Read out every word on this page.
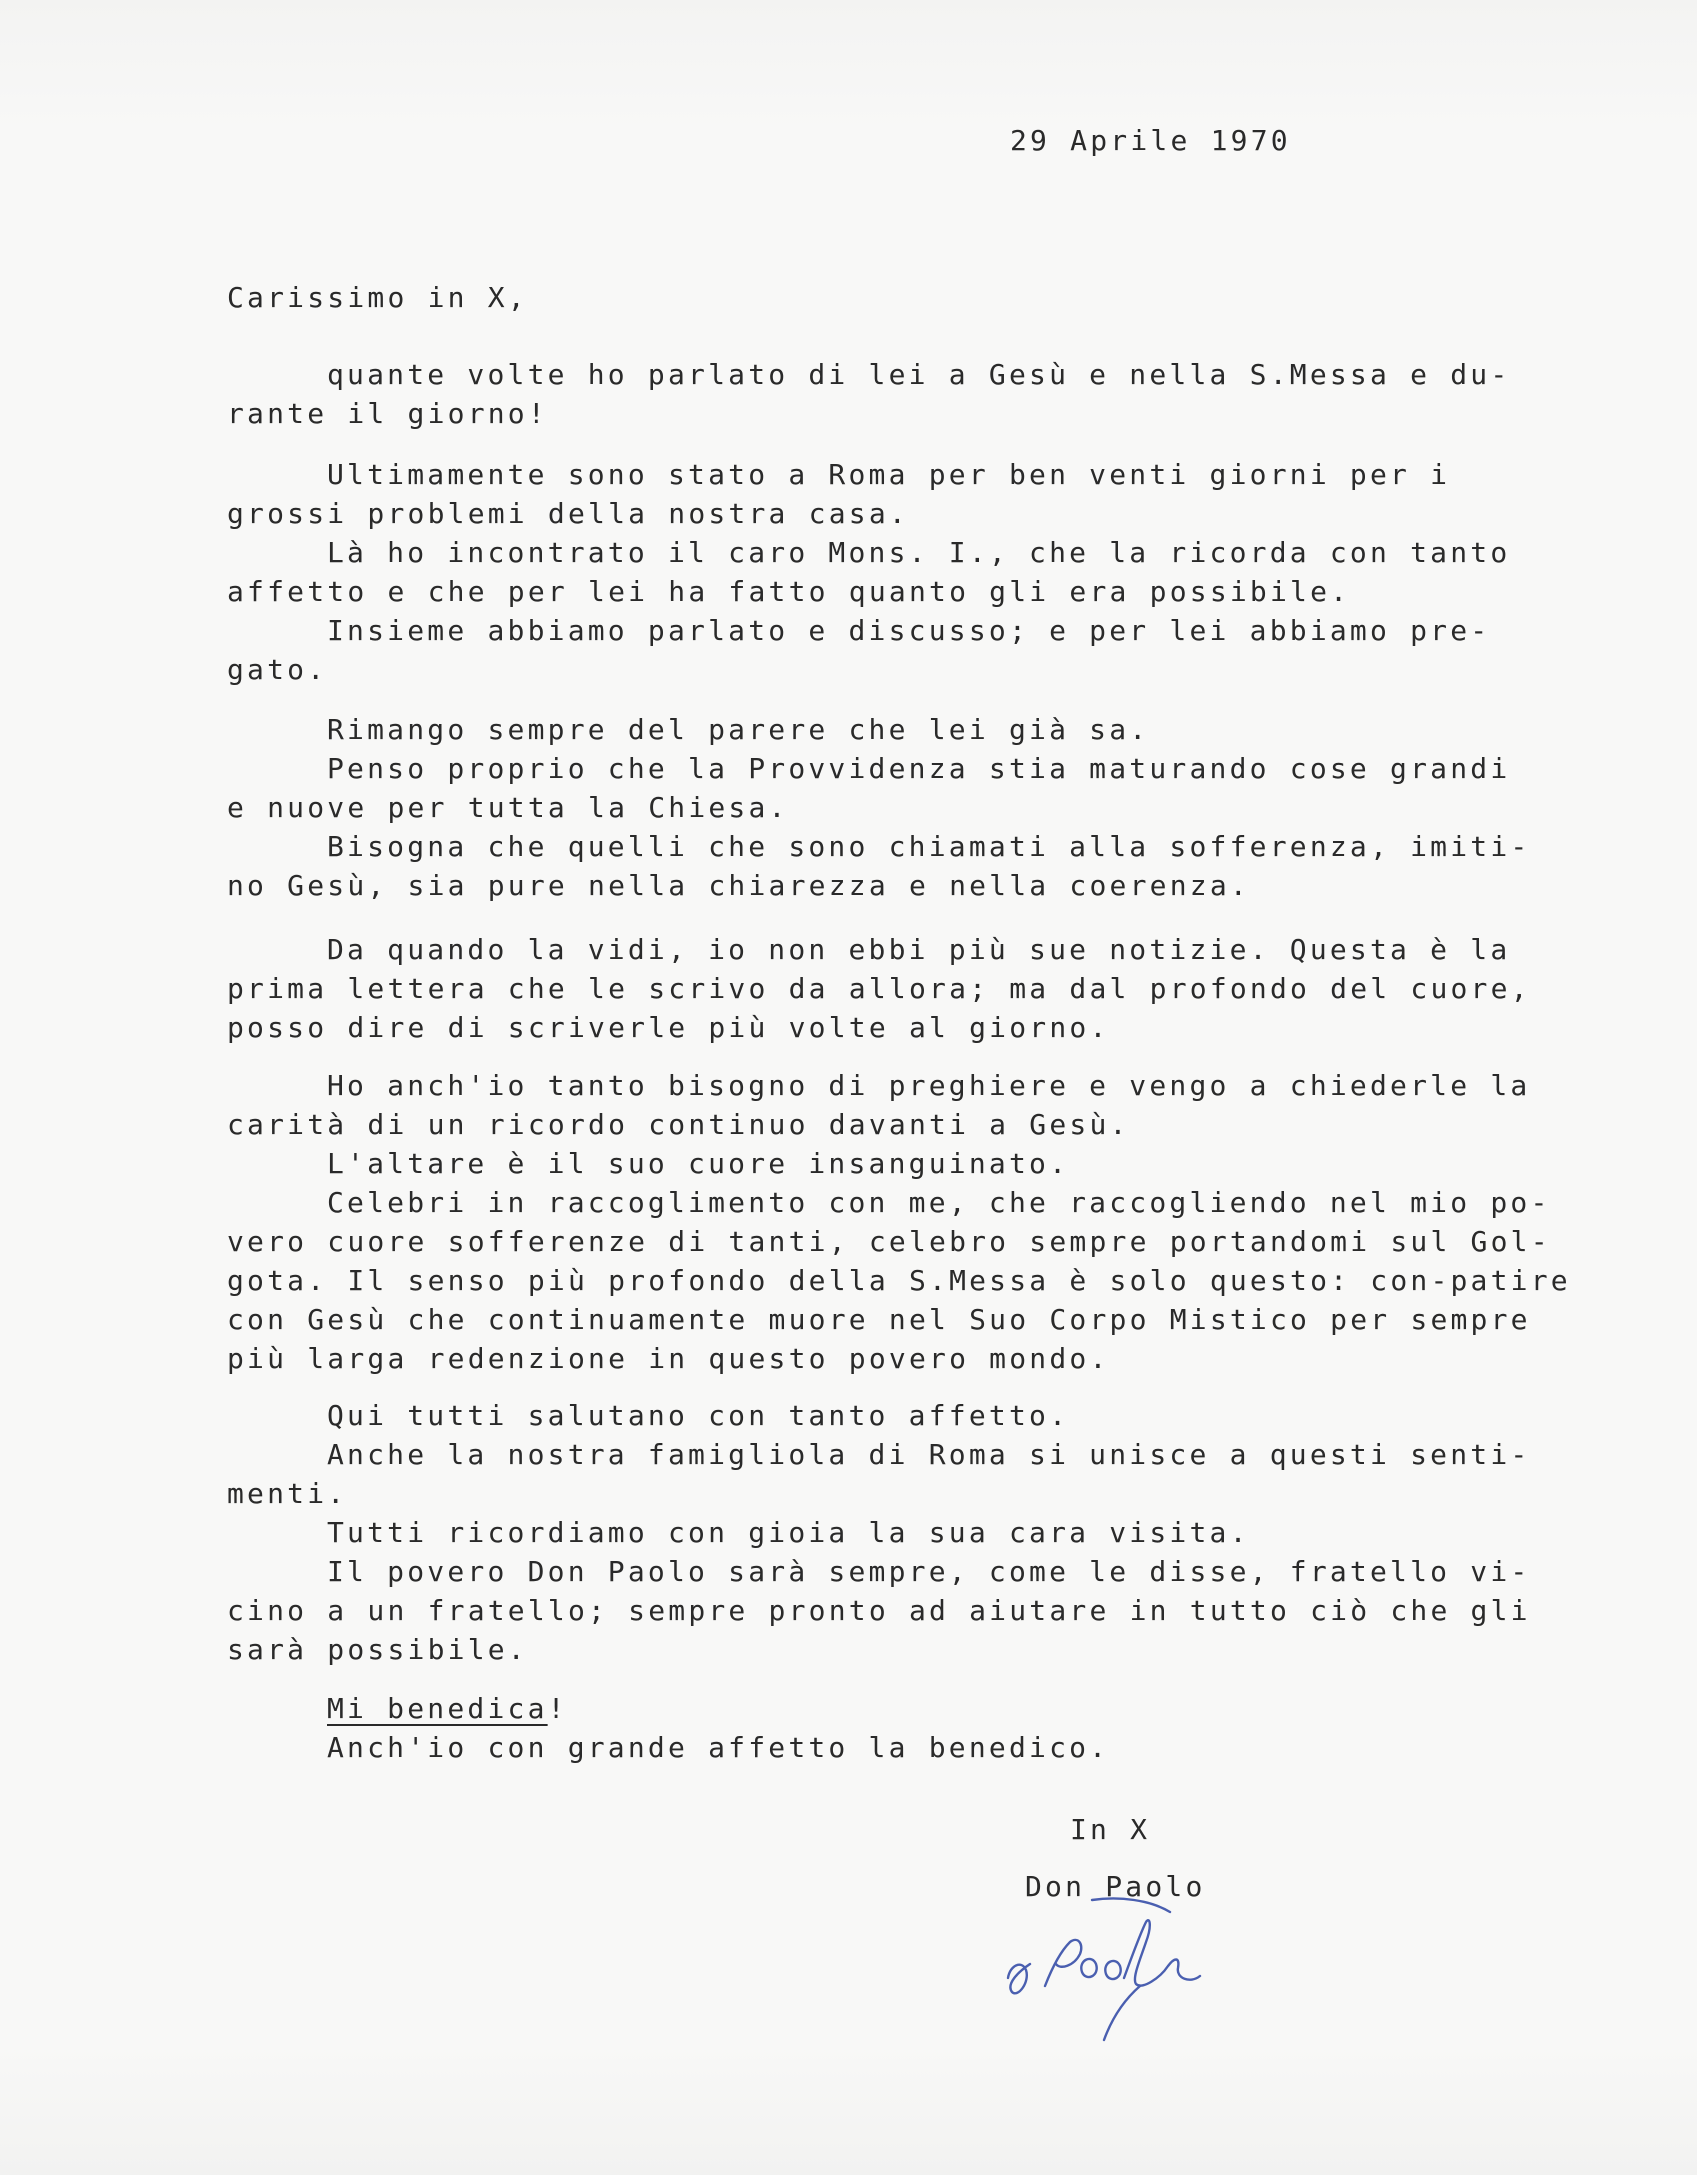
29 Aprile 1970
Carissimo in X,
quante volte ho parlato di lei a Gesù e nella S.Messa e du-
rante il giorno!
Ultimamente sono stato a Roma per ben venti giorni per i
grossi problemi della nostra casa.
Là ho incontrato il caro Mons. I., che la ricorda con tanto
affetto e che per lei ha fatto quanto gli era possibile.
Insieme abbiamo parlato e discusso; e per lei abbiamo pre-
gato.
Rimango sempre del parere che lei già sa.
Penso proprio che la Provvidenza stia maturando cose grandi
e nuove per tutta la Chiesa.
Bisogna che quelli che sono chiamati alla sofferenza, imiti-
no Gesù, sia pure nella chiarezza e nella coerenza.
Da quando la vidi, io non ebbi più sue notizie. Questa è la
prima lettera che le scrivo da allora; ma dal profondo del cuore,
posso dire di scriverle più volte al giorno.
Ho anch'io tanto bisogno di preghiere e vengo a chiederle la
carità di un ricordo continuo davanti a Gesù.
L'altare è il suo cuore insanguinato.
Celebri in raccoglimento con me, che raccogliendo nel mio po-
vero cuore sofferenze di tanti, celebro sempre portandomi sul Gol-
gota. Il senso più profondo della S.Messa è solo questo: con-patire
con Gesù che continuamente muore nel Suo Corpo Mistico per sempre
più larga redenzione in questo povero mondo.
Qui tutti salutano con tanto affetto.
Anche la nostra famigliola di Roma si unisce a questi senti-
menti.
Tutti ricordiamo con gioia la sua cara visita.
Il povero Don Paolo sarà sempre, come le disse, fratello vi-
cino a un fratello; sempre pronto ad aiutare in tutto ciò che gli
sarà possibile.
Mi benedica!
Anch'io con grande affetto la benedico.
In X
Don Paolo
